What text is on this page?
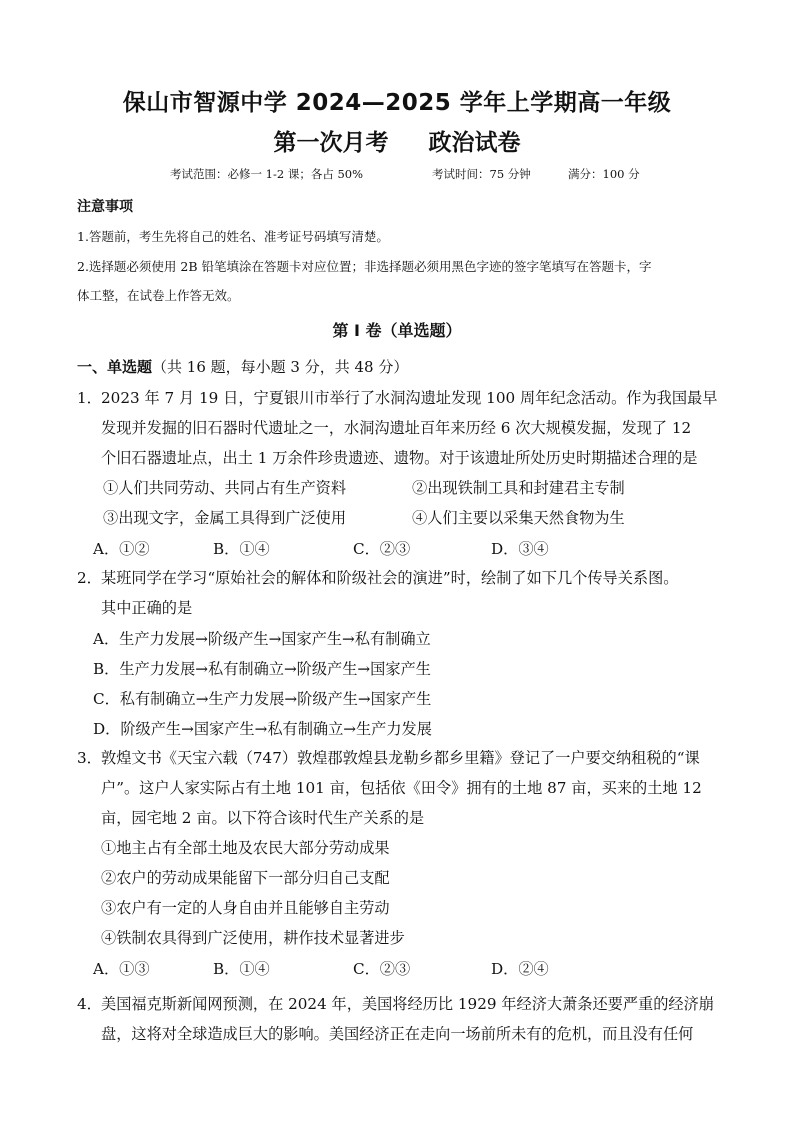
保山市智源中学 2024—2025 学年上学期高一年级
第一次月考 政治试卷
考试范围：必修一 1-2 课；各占 50%	考试时间：75 分钟	满分：100 分
注意事项
1.答题前，考生先将自己的姓名、准考证号码填写清楚。
2.选择题必须使用 2B 铅笔填涂在答题卡对应位置；非选择题必须用黑色字迹的签字笔填写在答题卡，字
体工整，在试卷上作答无效。
第 I 卷（单选题）
一、单选题（共 16 题，每小题 3 分，共 48 分）
1． 2023 年 7 月 19 日，宁夏银川市举行了水洞沟遗址发现 100 周年纪念活动。作为我国最早
发现并发掘的旧石器时代遗址之一，水洞沟遗址百年来历经 6 次大规模发掘，发现了 12
个旧石器遗址点，出土 1 万余件珍贵遗迹、遗物。对于该遗址所处历史时期描述合理的是
①人们共同劳动、共同占有生产资料	②出现铁制工具和封建君主专制
③出现文字，金属工具得到广泛使用	④人们主要以采集天然食物为生
A．①②	B．①④	C．②③	D．③④
2． 某班同学在学习“原始社会的解体和阶级社会的演进”时，绘制了如下几个传导关系图。
其中正确的是
A．生产力发展→阶级产生→国家产生→私有制确立
B．生产力发展→私有制确立→阶级产生→国家产生
C．私有制确立→生产力发展→阶级产生→国家产生
D．阶级产生→国家产生→私有制确立→生产力发展
3． 敦煌文书《天宝六载（747）敦煌郡敦煌县龙勒乡都乡里籍》登记了一户要交纳租税的“课
户”。这户人家实际占有土地 101 亩，包括依《田令》拥有的土地 87 亩，买来的土地 12
亩，园宅地 2 亩。以下符合该时代生产关系的是
①地主占有全部土地及农民大部分劳动成果
②农户的劳动成果能留下一部分归自己支配
③农户有一定的人身自由并且能够自主劳动
④铁制农具得到广泛使用，耕作技术显著进步
A．①③	B．①④	C．②③	D．②④
4． 美国福克斯新闻网预测，在 2024 年，美国将经历比 1929 年经济大萧条还要严重的经济崩
盘，这将对全球造成巨大的影响。美国经济正在走向一场前所未有的危机，而且没有任何
